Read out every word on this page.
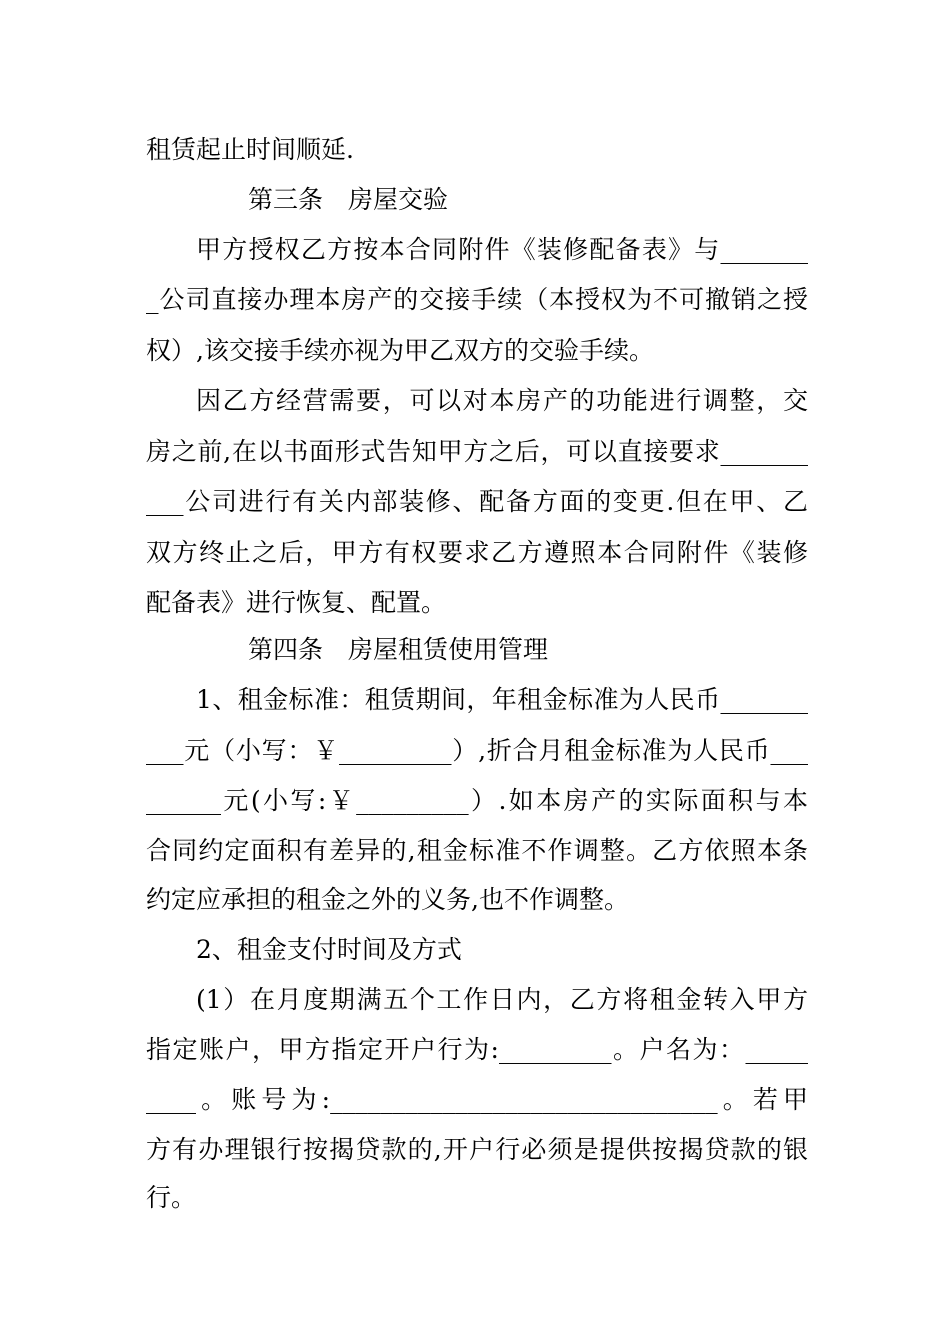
租赁起止时间顺延.
第三条　房屋交验
甲方授权乙方按本合同附件《装修配备表》与_______
_公司直接办理本房产的交接手续（本授权为不可撤销之授
权）,该交接手续亦视为甲乙双方的交验手续。
因乙方经营需要，可以对本房产的功能进行调整，交
房之前,在以书面形式告知甲方之后，可以直接要求_______
___公司进行有关内部装修、配备方面的变更.但在甲、乙
双方终止之后，甲方有权要求乙方遵照本合同附件《装修
配备表》进行恢复、配置。
第四条　房屋租赁使用管理
1、租金标准：租赁期间，年租金标准为人民币_______
___元（小写：￥_________）,折合月租金标准为人民币___
______元(小写:￥_________）.如本房产的实际面积与本
合同约定面积有差异的,租金标准不作调整。乙方依照本条
约定应承担的租金之外的义务,也不作调整。
2、租金支付时间及方式
(1）在月度期满五个工作日内，乙方将租金转入甲方
指定账户，甲方指定开户行为:_________。户名为：_____
____。账号为:_______________________________。若甲
方有办理银行按揭贷款的,开户行必须是提供按揭贷款的银
行。
